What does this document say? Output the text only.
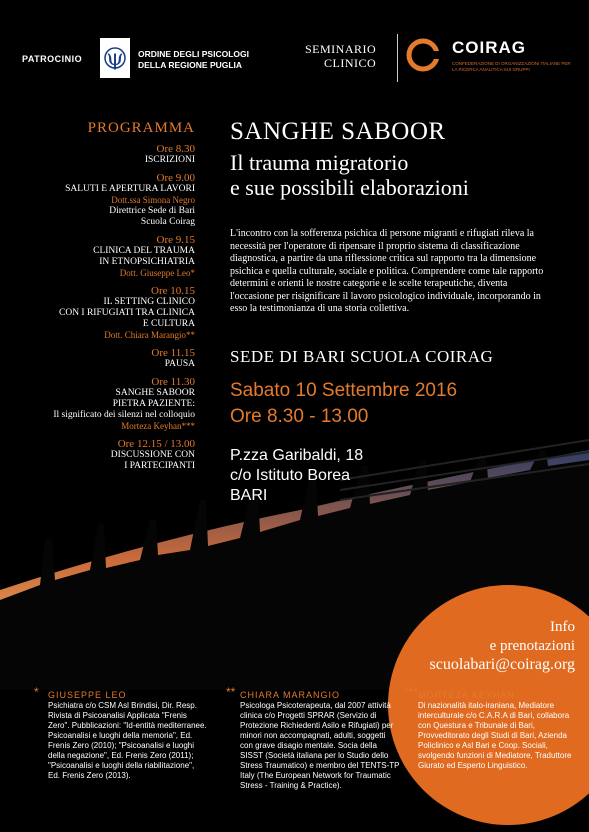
PATROCINIO ψ ORDINE DEGLI PSICOLOGI
DELLA REGIONE PUGLIA
SEMINARIO
CLINICO
COIRAG
CONFEDERAZIONE DI ORGANIZZAZIONI ITALIANE PER LA RICERCA ANALITICA SUI GRUPPI
PROGRAMMA
Ore 8.30
ISCRIZIONI
Ore 9.00
SALUTI E APERTURA LAVORI
Dott.ssa Simona Negro
Direttrice Sede di Bari
Scuola Coirag
Ore 9.15
CLINICA DEL TRAUMA
IN ETNOPSICHIATRIA
Dott. Giuseppe Leo*
Ore 10.15
IL SETTING CLINICO
CON I RIFUGIATI TRA CLINICA
E CULTURA
Dott. Chiara Marangio**
Ore 11.15
PAUSA
Ore 11.30
SANGHE SABOOR
PIETRA PAZIENTE:
Il significato dei silenzi nel colloquio
Morteza Keyhan***
Ore 12.15 / 13.00
DISCUSSIONE CON
I PARTECIPANTI
SANGHE SABOOR
Il trauma migratorio
e sue possibili elaborazioni
L'incontro con la sofferenza psichica di persone migranti e rifugiati rileva la necessità per l'operatore di ripensare il proprio sistema di classificazione diagnostica, a partire da una riflessione critica sul rapporto tra la dimensione psichica e quella culturale, sociale e politica. Comprendere come tale rapporto determini e orienti le nostre categorie e le scelte terapeutiche, diventa l'occasione per risignificare il lavoro psicologico individuale, incorporando in esso la testimonianza di una storia collettiva.
SEDE DI BARI SCUOLA COIRAG
Sabato 10 Settembre 2016
Ore 8.30 - 13.00
P.zza Garibaldi, 18
c/o Istituto Borea
BARI
Info
e prenotazioni
scuolabari@coirag.org
* GIUSEPPE LEO
Psichiatra c/o CSM Asl Brindisi, Dir. Resp. Rivista di Psicoanalisi Applicata "Frenis Zero". Pubblicazioni: "Id-entità mediterranee. Psicoanalisi e luoghi della memoria", Ed. Frenis Zero (2010); "Psicoanalisi e luoghi della negazione", Ed. Frenis Zero (2011); "Psicoanalisi e luoghi della riabilitazione", Ed. Frenis Zero (2013).
** CHIARA MARANGIO
Psicologa Psicoterapeuta, dal 2007 attività clinica c/o Progetti SPRAR (Servizio di Protezione Richiedenti Asilo e Rifugiati) per minori non accompagnati, adulti, soggetti con grave disagio mentale. Socia della SISST (Società italiana per lo Studio dello Stress Traumatico) e membro del TENTS-TP Italy (The European Network for Traumatic Stress - Training & Practice).
*** MORTEZA KEYHAN
Di nazionalità italo-iraniana, Mediatore interculturale c/o C.A.R.A di Bari, collabora con Questura e Tribunale di Bari, Provveditorato degli Studi di Bari, Azienda Policlinico e Asl Bari e Coop. Sociali, svolgendo funzioni di Mediatore, Traduttore Giurato ed Esperto Linguistico.
